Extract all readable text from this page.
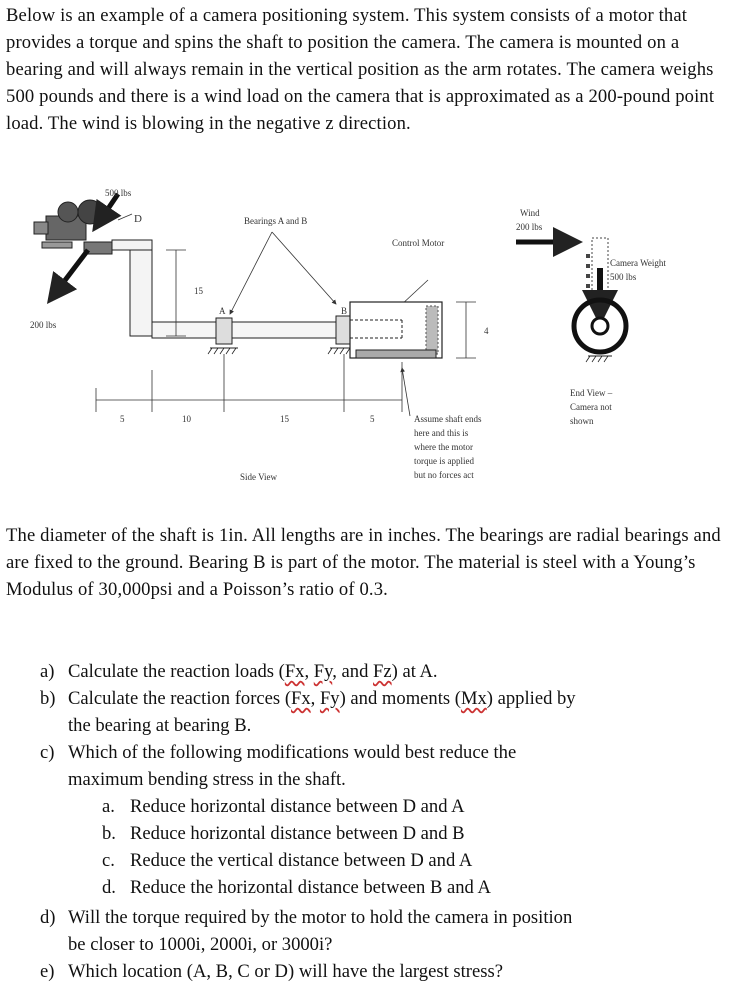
Below is an example of a camera positioning system. This system consists of a motor that provides a torque and spins the shaft to position the camera. The camera is mounted on a bearing and will always remain in the vertical position as the arm rotates. The camera weighs 500 pounds and there is a wind load on the camera that is approximated as a 200-pound point load. The wind is blowing in the negative z direction.

500 lbs
D
200 lbs
15
Bearings A and B
A	B
Control Motor
4
5	10	15	5	Assume shaft ends
here and this is
where the motor
torque is applied
but no forces act
Side View
Wind
200 lbs
Camera Weight
500 lbs
End View –
Camera not
shown

The diameter of the shaft is 1in. All lengths are in inches. The bearings are radial bearings and are fixed to the ground. Bearing B is part of the motor. The material is steel with a Young’s Modulus of 30,000psi and a Poisson’s ratio of 0.3.

a) Calculate the reaction loads (Fx, Fy, and Fz) at A.

b) Calculate the reaction forces (Fx, Fy) and moments (Mx) applied by
the bearing at bearing B.

c) Which of the following modifications would best reduce the
maximum bending stress in the shaft.

a. Reduce horizontal distance between D and A

b. Reduce horizontal distance between D and B

c. Reduce the vertical distance between D and A

d. Reduce the horizontal distance between B and A

d) Will the torque required by the motor to hold the camera in position
be closer to 1000i, 2000i, or 3000i?

e) Which location (A, B, C or D) will have the largest stress?
